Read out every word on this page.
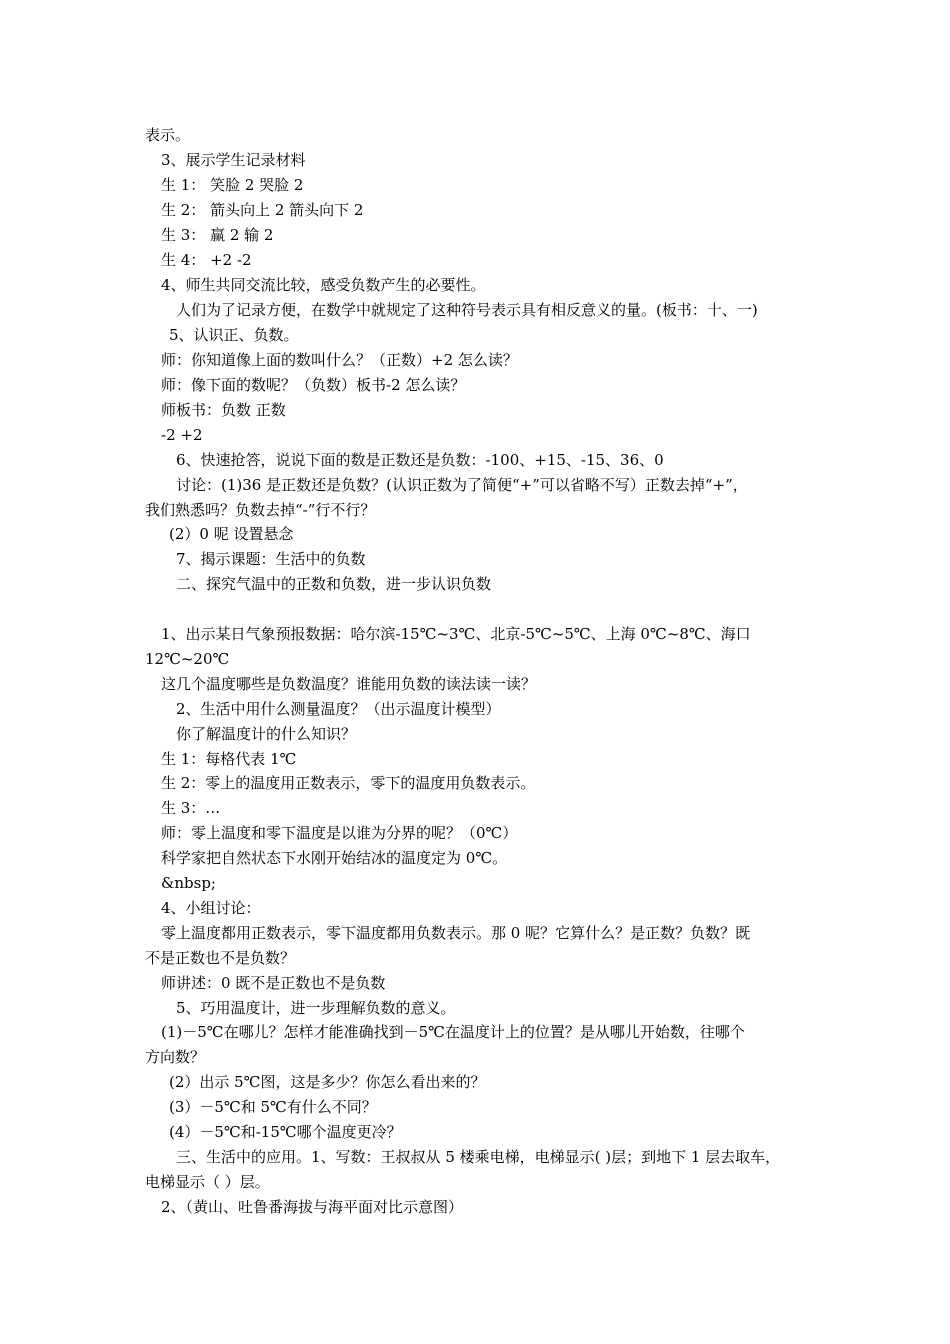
表示。
3、展示学生记录材料
生 1： 笑脸 2 哭脸 2
生 2： 箭头向上 2 箭头向下 2
生 3： 赢 2 输 2
生 4： +2 -2
4、师生共同交流比较，感受负数产生的必要性。
人们为了记录方便，在数学中就规定了这种符号表示具有相反意义的量。(板书：十、一)
5、认识正、负数。
师：你知道像上面的数叫什么？（正数）+2 怎么读？
师：像下面的数呢？（负数）板书-2 怎么读？
师板书：负数 正数
-2 +2
6、快速抢答，说说下面的数是正数还是负数：-100、+15、-15、36、0
讨论：(1)36 是正数还是负数？(认识正数为了简便“+”可以省略不写）正数去掉“+”，
我们熟悉吗？负数去掉“-”行不行？
(2）0 呢 设置悬念
7、揭示课题：生活中的负数
二、探究气温中的正数和负数，进一步认识负数
1、出示某日气象预报数据：哈尔滨-15℃~3℃、北京-5℃~5℃、上海 0℃~8℃、海口
12℃~20℃
这几个温度哪些是负数温度？谁能用负数的读法读一读？
2、生活中用什么测量温度？（出示温度计模型）
你了解温度计的什么知识？
生 1：每格代表 1℃
生 2：零上的温度用正数表示，零下的温度用负数表示。
生 3：…
师：零上温度和零下温度是以谁为分界的呢？（0℃）
科学家把自然状态下水刚开始结冰的温度定为 0℃。
&nbsp;
4、小组讨论：
零上温度都用正数表示，零下温度都用负数表示。那 0 呢？它算什么？是正数？负数？既
不是正数也不是负数？
师讲述：0 既不是正数也不是负数
5、巧用温度计，进一步理解负数的意义。
(1)－5℃在哪儿？怎样才能准确找到－5℃在温度计上的位置？是从哪儿开始数，往哪个
方向数？
(2）出示 5℃图，这是多少？你怎么看出来的？
(3）－5℃和 5℃有什么不同？
(4）－5℃和-15℃哪个温度更冷？
三、生活中的应用。1、写数：王叔叔从 5 楼乘电梯，电梯显示( )层；到地下 1 层去取车，
电梯显示（ ）层。
2、（黄山、吐鲁番海拔与海平面对比示意图）
